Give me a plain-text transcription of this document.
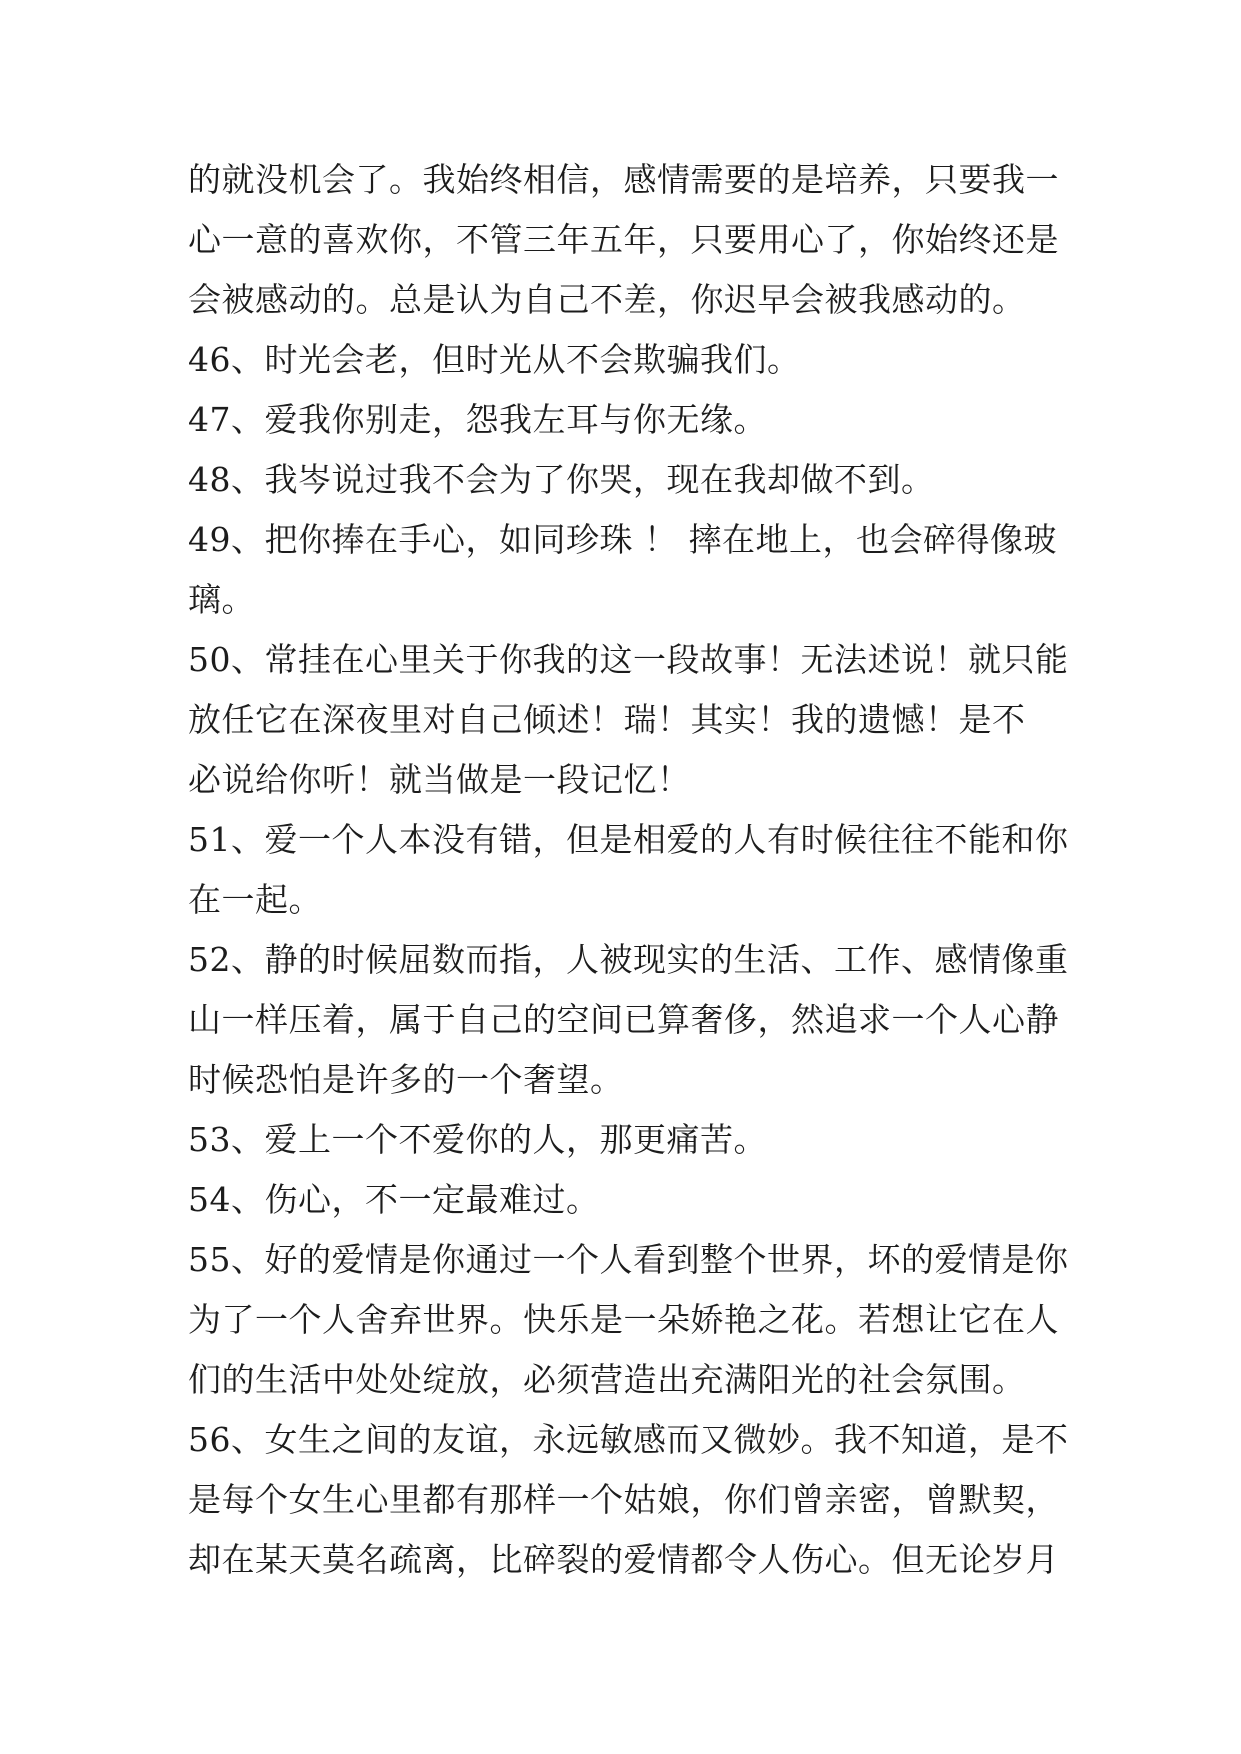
的就没机会了。我始终相信，感情需要的是培养，只要我一
心一意的喜欢你，不管三年五年，只要用心了，你始终还是
会被感动的。总是认为自己不差，你迟早会被我感动的。
46、时光会老，但时光从不会欺骗我们。
47、爱我你别走，怨我左耳与你无缘。
48、我岑说过我不会为了你哭，现在我却做不到。
49、把你捧在手心，如同珍珠 ！ 摔在地上，也会碎得像玻
璃。
50、常挂在心里关于你我的这一段故事！无法述说！就只能
放任它在深夜里对自己倾述！瑞！其实！我的遗憾！是不
必说给你听！就当做是一段记忆！
51、爱一个人本没有错，但是相爱的人有时候往往不能和你
在一起。
52、静的时候屈数而指，人被现实的生活、工作、感情像重
山一样压着，属于自己的空间已算奢侈，然追求一个人心静
时候恐怕是许多的一个奢望。
53、爱上一个不爱你的人，那更痛苦。
54、伤心，不一定最难过。
55、好的爱情是你通过一个人看到整个世界，坏的爱情是你
为了一个人舍弃世界。快乐是一朵娇艳之花。若想让它在人
们的生活中处处绽放，必须营造出充满阳光的社会氛围。
56、女生之间的友谊，永远敏感而又微妙。我不知道，是不
是每个女生心里都有那样一个姑娘，你们曾亲密，曾默契，
却在某天莫名疏离，比碎裂的爱情都令人伤心。但无论岁月
